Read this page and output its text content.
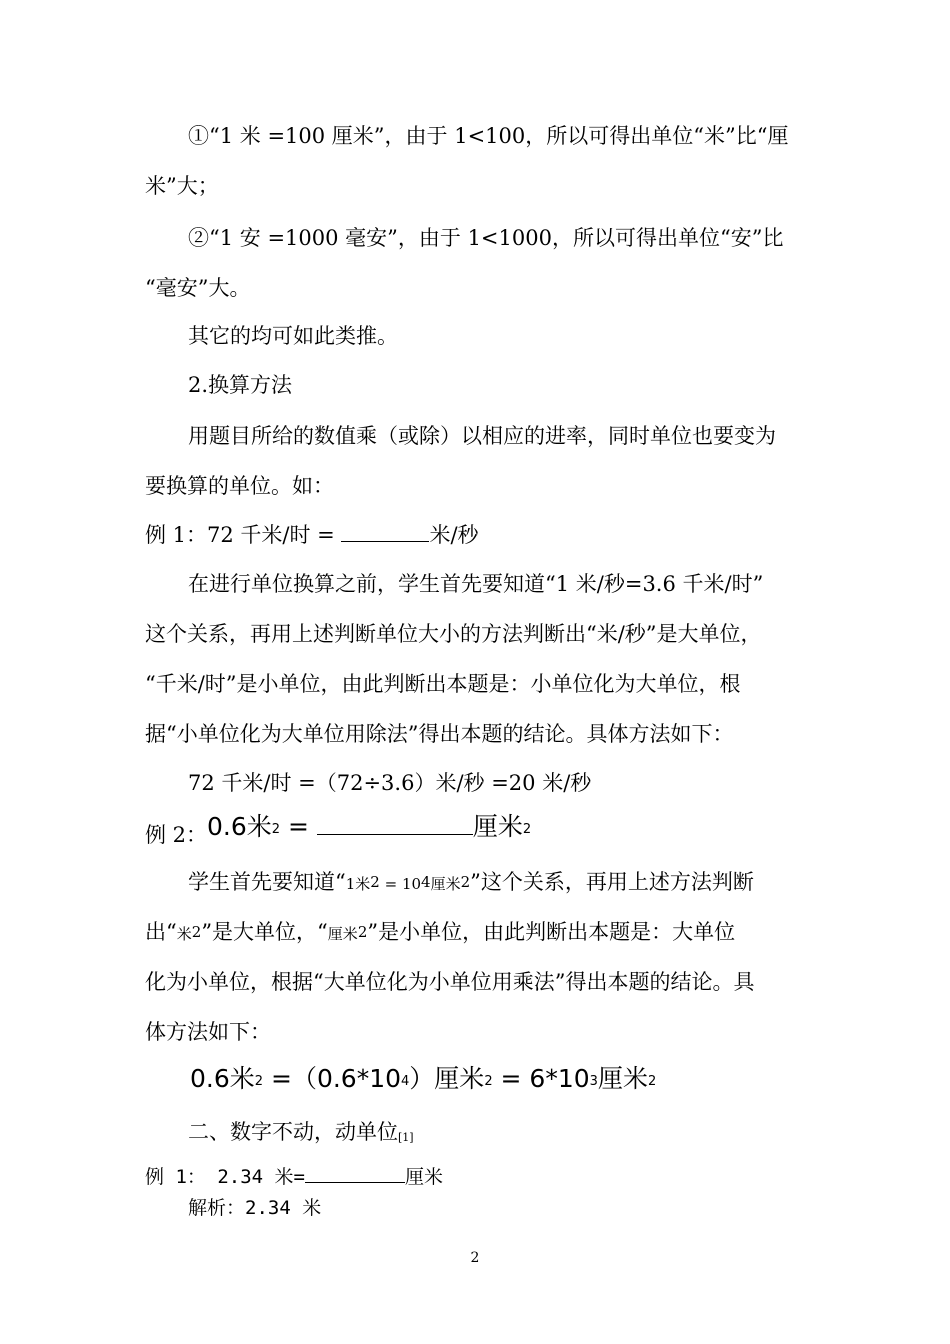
①“1 米 =100 厘米”，由于 1<100，所以可得出单位“米”比“厘
米”大；
②“1 安 =1000 毫安”，由于 1<1000，所以可得出单位“安”比
“毫安”大。
其它的均可如此类推。
2.换算方法
用题目所给的数值乘（或除）以相应的进率，同时单位也要变为
要换算的单位。如：
例 1：72 千米/时 =	米/秒
在进行单位换算之前，学生首先要知道“1 米/秒=3.6 千米/时”
这个关系，再用上述判断单位大小的方法判断出“米/秒”是大单位，
“千米/时”是小单位，由此判断出本题是：小单位化为大单位，根
据“小单位化为大单位用除法”得出本题的结论。具体方法如下：
72 千米/时 =（72÷3.6）米/秒 =20 米/秒
例 2： 0.6米2 =	厘米2
学生首先要知道“1米2 = 104厘米2”这个关系，再用上述方法判断
出“米2”是大单位，“厘米2”是小单位，由此判断出本题是：大单位
化为小单位，根据“大单位化为小单位用乘法”得出本题的结论。具
体方法如下：
0.6米2 =（0.6*104）厘米2 = 6*103厘米2
二、数字不动，动单位[1]
例 1： 2.34 米=	厘米
解析：2.34 米
2
